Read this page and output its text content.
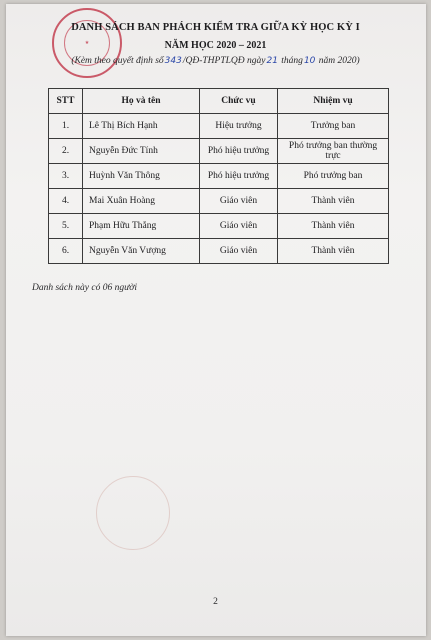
★
DANH SÁCH BAN PHÁCH KIỂM TRA GIỮA KỲ HỌC KỲ I
NĂM HỌC 2020 – 2021
(Kèm theo quyết định số343/QĐ-THPTLQĐ ngày21 tháng10 năm 2020)
STT	Họ và tên	Chức vụ	Nhiệm vụ
1.	Lê Thị Bích Hạnh	Hiệu trưởng	Trưởng ban
2.	Nguyễn Đức Tính	Phó hiệu trưởng	Phó trưởng ban thường trực
3.	Huỳnh Văn Thông	Phó hiệu trưởng	Phó trưởng ban
4.	Mai Xuân Hoàng	Giáo viên	Thành viên
5.	Phạm Hữu Thắng	Giáo viên	Thành viên
6.	Nguyễn Văn Vượng	Giáo viên	Thành viên
Danh sách này có 06 người
2
